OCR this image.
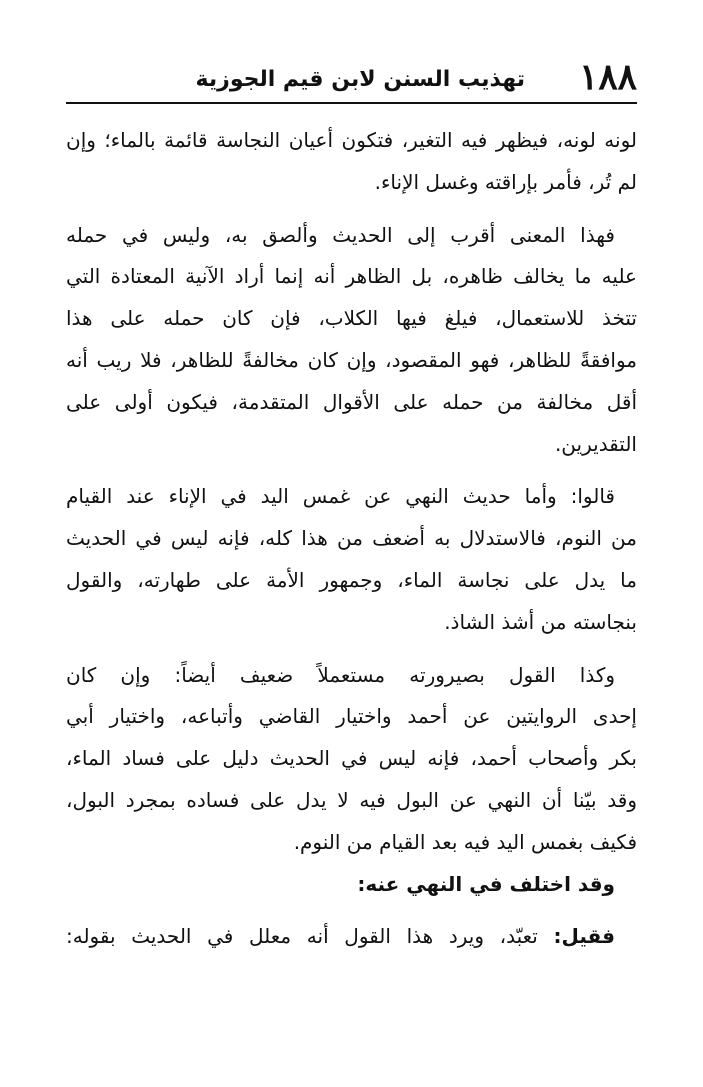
١٨٨
تهذيب السنن لابن قيم الجوزية
لونه لونه، فيظهر فيه التغير، فتكون أعيان النجاسة قائمة بالماء؛ وإن
لم تُر، فأمر بإراقته وغسل الإناء.
فهذا المعنى أقرب إلى الحديث وألصق به، وليس في حمله
عليه ما يخالف ظاهره، بل الظاهر أنه إنما أراد الآنية المعتادة التي
تتخذ للاستعمال، فيلغ فيها الكلاب، فإن كان حمله على هذا
موافقةً للظاهر، فهو المقصود، وإن كان مخالفةً للظاهر، فلا ريب أنه
أقل مخالفة من حمله على الأقوال المتقدمة، فيكون أولى على
التقديرين.
قالوا: وأما حديث النهي عن غمس اليد في الإناء عند القيام
من النوم، فالاستدلال به أضعف من هذا كله، فإنه ليس في الحديث
ما يدل على نجاسة الماء، وجمهور الأمة على طهارته، والقول
بنجاسته من أشذ الشاذ.
وكذا القول بصيرورته مستعملاً ضعيف أيضاً: وإن كان
إحدى الروايتين عن أحمد واختيار القاضي وأتباعه، واختيار أبي
بكر وأصحاب أحمد، فإنه ليس في الحديث دليل على فساد الماء،
وقد بيّنا أن النهي عن البول فيه لا يدل على فساده بمجرد البول،
فكيف بغمس اليد فيه بعد القيام من النوم.
وقد اختلف في النهي عنه:
فقيل: تعبّد، ويرد هذا القول أنه معلل في الحديث بقوله:
